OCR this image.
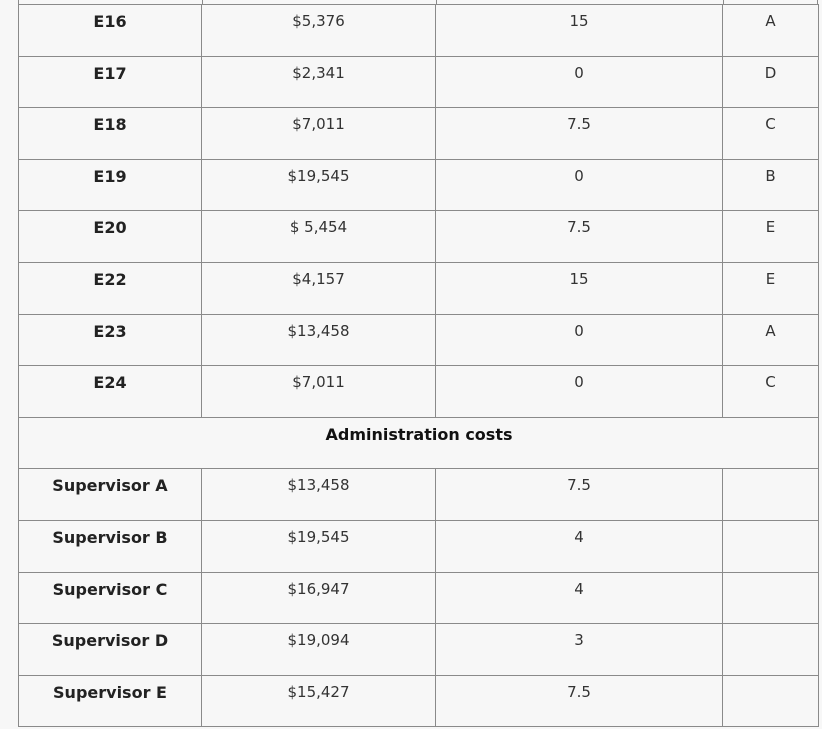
E16	$5,376	15	A

E17	$2,341	0	D

E18	$7,011	7.5	C

E19	$19,545	0	B

E20	$ 5,454	7.5	E

E22	$4,157	15	E

E23	$13,458	0	A

E24	$7,011	0	C

Administration costs			

Supervisor A	$13,458	7.5	

Supervisor B	$19,545	4	

Supervisor C	$16,947	4	

Supervisor D	$19,094	3	

Supervisor E	$15,427	7.5	
